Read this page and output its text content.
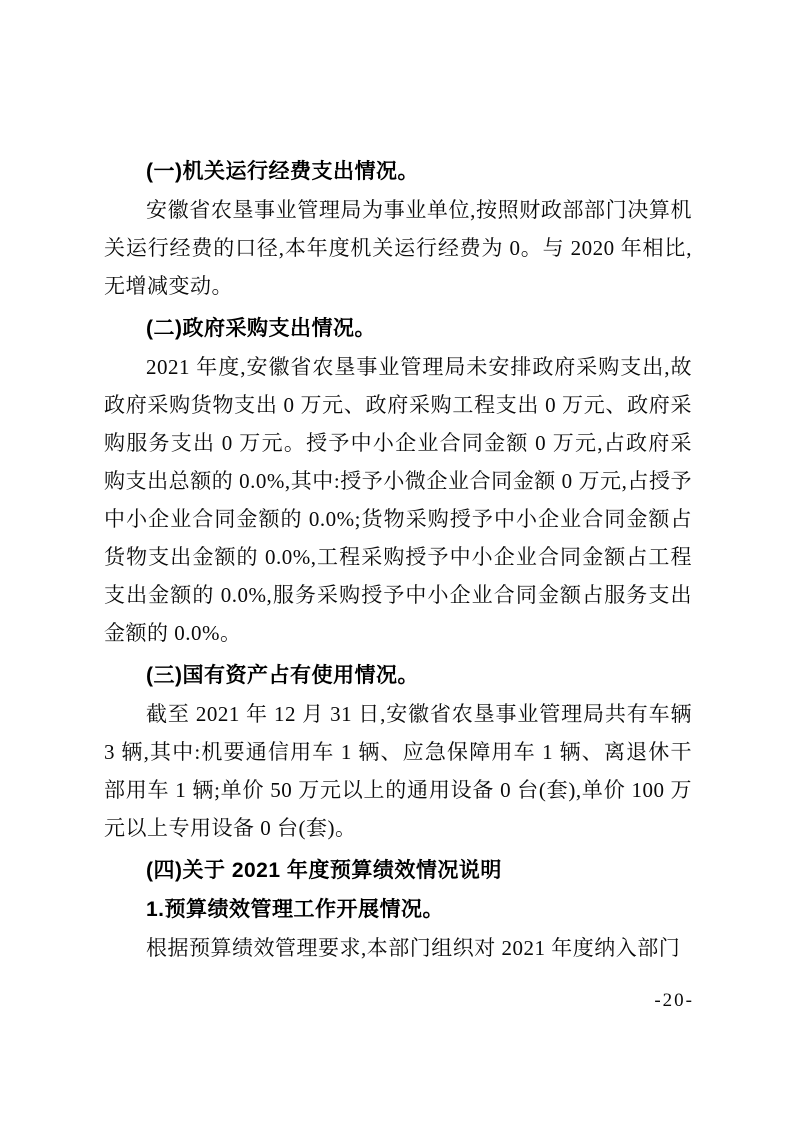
(一)机关运行经费支出情况。

安徽省农垦事业管理局为事业单位,按照财政部部门决算机关运行经费的口径,本年度机关运行经费为 0。与 2020 年相比,无增减变动。

(二)政府采购支出情况。

2021 年度,安徽省农垦事业管理局未安排政府采购支出,故政府采购货物支出 0 万元、政府采购工程支出 0 万元、政府采购服务支出 0 万元。授予中小企业合同金额 0 万元,占政府采购支出总额的 0.0%,其中:授予小微企业合同金额 0 万元,占授予中小企业合同金额的 0.0%;货物采购授予中小企业合同金额占货物支出金额的 0.0%,工程采购授予中小企业合同金额占工程支出金额的 0.0%,服务采购授予中小企业合同金额占服务支出金额的 0.0%。

(三)国有资产占有使用情况。

截至 2021 年 12 月 31 日,安徽省农垦事业管理局共有车辆 3 辆,其中:机要通信用车 1 辆、应急保障用车 1 辆、离退休干部用车 1 辆;单价 50 万元以上的通用设备 0 台(套),单价 100 万元以上专用设备 0 台(套)。

(四)关于 2021 年度预算绩效情况说明
1.预算绩效管理工作开展情况。

根据预算绩效管理要求,本部门组织对 2021 年度纳入部门

-20-
